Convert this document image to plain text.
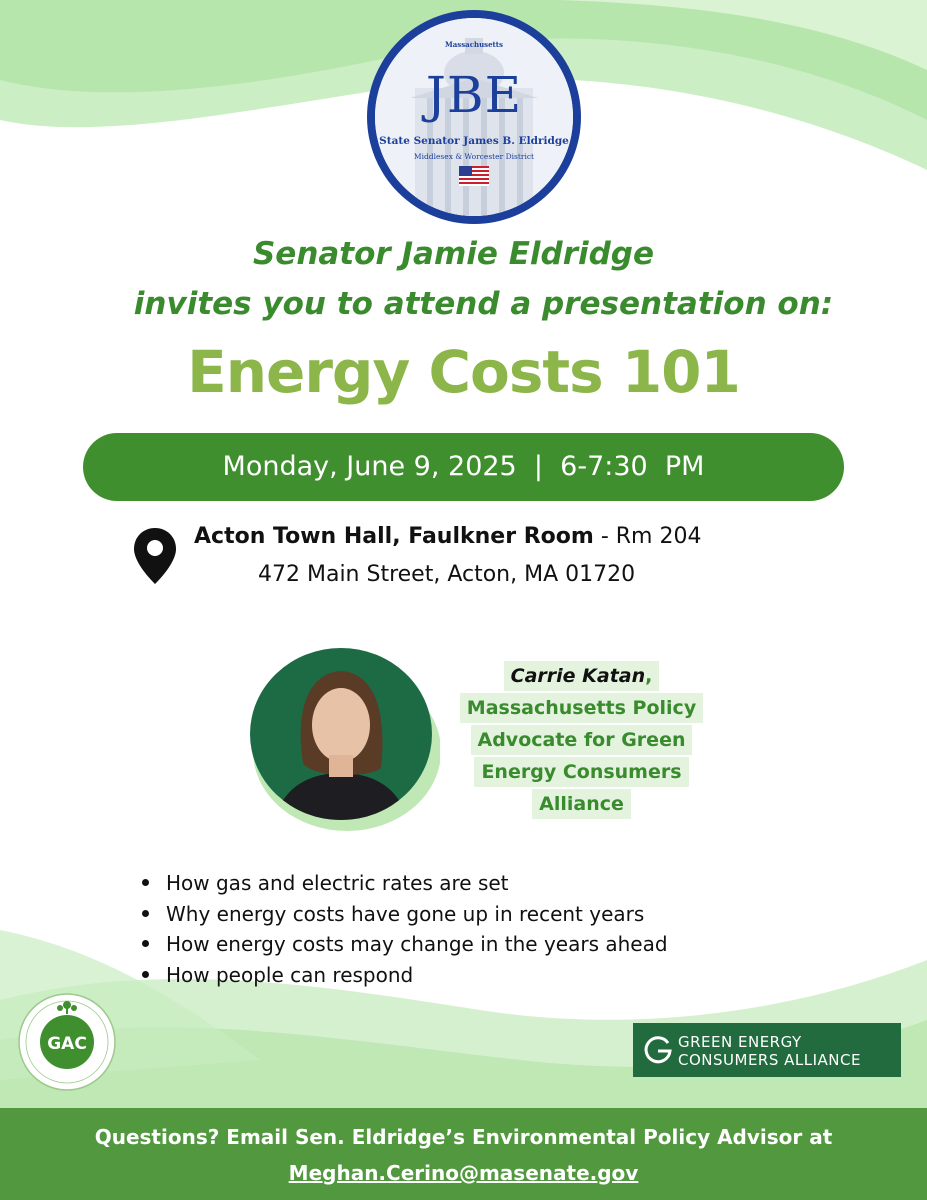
Massachusetts
JBE
State Senator James B. Eldridge
Middlesex & Worcester District
Senator Jamie Eldridge
invites you to attend a presentation on:
Energy Costs 101
Monday, June 9, 2025  |  6-7:30  PM
Acton Town Hall, Faulkner Room - Rm 204
472 Main Street, Acton, MA 01720
Carrie Katan,
Massachusetts Policy
Advocate for Green
Energy Consumers
Alliance
How gas and electric rates are set
Why energy costs have gone up in recent years
How energy costs may change in the years ahead
How people can respond
GAC	GREEN ENERGY
CONSUMERS ALLIANCE
Questions? Email Sen. Eldridge’s Environmental Policy Advisor at
Meghan.Cerino@masenate.gov
